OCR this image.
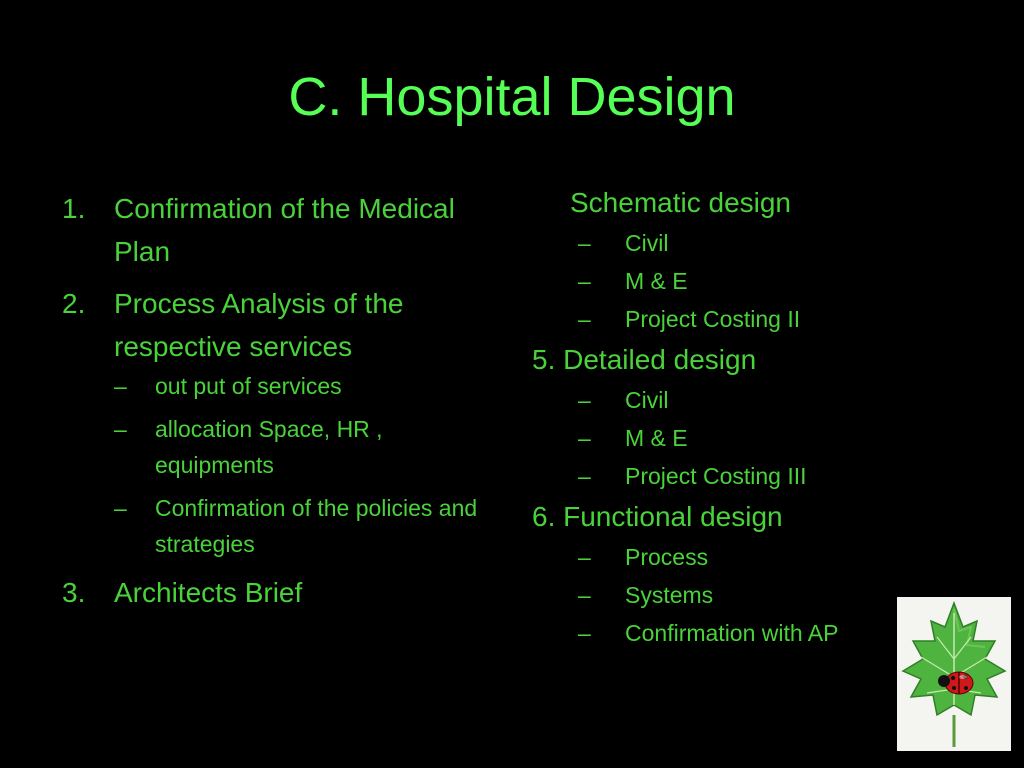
C. Hospital Design
1.	Confirmation of the Medical Plan
2.	Process Analysis of the respective services
–	out put of services
–	allocation Space, HR , equipments
–	Confirmation of the policies and strategies
3.	Architects Brief
Schematic design
–	Civil
–	M & E
–	Project Costing II
5. Detailed design
–	Civil
–	M & E
–	Project Costing III
6. Functional design
–	Process
–	Systems
–	Confirmation with AP
